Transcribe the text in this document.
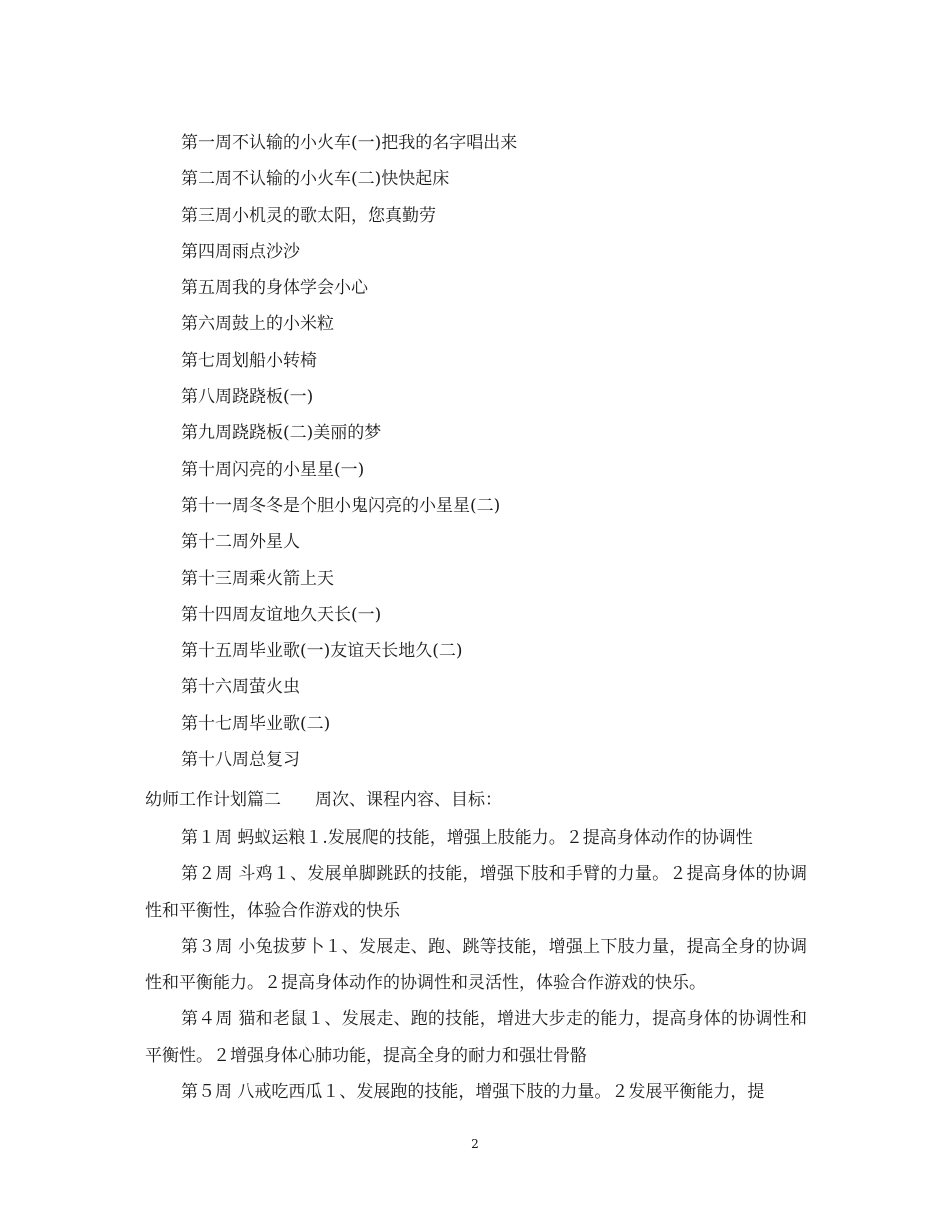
第一周不认输的小火车(一)把我的名字唱出来
第二周不认输的小火车(二)快快起床
第三周小机灵的歌太阳，您真勤劳
第四周雨点沙沙
第五周我的身体学会小心
第六周鼓上的小米粒
第七周划船小转椅
第八周跷跷板(一)
第九周跷跷板(二)美丽的梦
第十周闪亮的小星星(一)
第十一周冬冬是个胆小鬼闪亮的小星星(二)
第十二周外星人
第十三周乘火箭上天
第十四周友谊地久天长(一)
第十五周毕业歌(一)友谊天长地久(二)
第十六周萤火虫
第十七周毕业歌(二)
第十八周总复习
幼师工作计划篇二　　周次、课程内容、目标：

第１周 蚂蚁运粮１.发展爬的技能，增强上肢能力。２提高身体动作的协调性

第２周 斗鸡１、发展单脚跳跃的技能，增强下肢和手臂的力量。２提高身体的协调性和平衡性，体验合作游戏的快乐

第３周 小兔拔萝卜１、发展走、跑、跳等技能，增强上下肢力量，提高全身的协调性和平衡能力。２提高身体动作的协调性和灵活性，体验合作游戏的快乐。

第４周 猫和老鼠１、发展走、跑的技能，增进大步走的能力，提高身体的协调性和平衡性。２增强身体心肺功能，提高全身的耐力和强壮骨骼

第５周 八戒吃西瓜１、发展跑的技能，增强下肢的力量。２发展平衡能力，提

2
